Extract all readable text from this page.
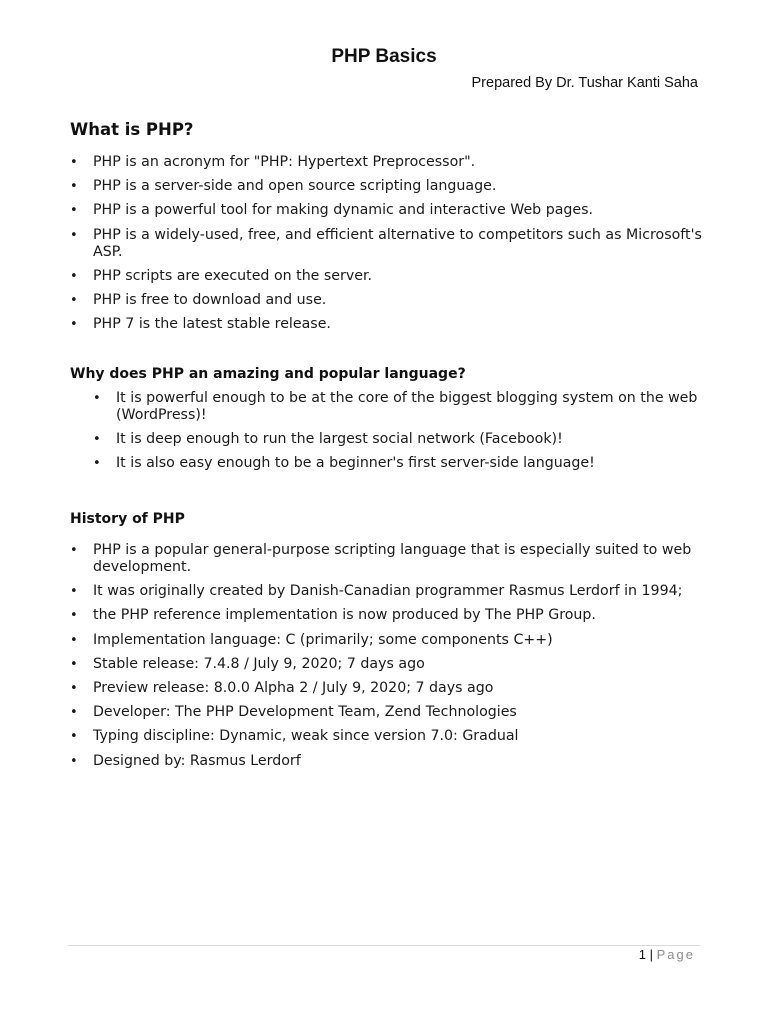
PHP Basics
Prepared By Dr. Tushar Kanti Saha
What is PHP?
• PHP is an acronym for "PHP: Hypertext Preprocessor".
• PHP is a server-side and open source scripting language.
• PHP is a powerful tool for making dynamic and interactive Web pages.
• PHP is a widely-used, free, and efficient alternative to competitors such as Microsoft's ASP.
• PHP scripts are executed on the server.
• PHP is free to download and use.
• PHP 7 is the latest stable release.
Why does PHP an amazing and popular language?
• It is powerful enough to be at the core of the biggest blogging system on the web (WordPress)!
• It is deep enough to run the largest social network (Facebook)!
• It is also easy enough to be a beginner's first server-side language!
History of PHP
• PHP is a popular general-purpose scripting language that is especially suited to web development.
• It was originally created by Danish-Canadian programmer Rasmus Lerdorf in 1994;
• the PHP reference implementation is now produced by The PHP Group.
• Implementation language: C (primarily; some components C++)
• Stable release: 7.4.8 / July 9, 2020; 7 days ago
• Preview release: 8.0.0 Alpha 2 / July 9, 2020; 7 days ago
• Developer: The PHP Development Team, Zend Technologies
• Typing discipline: Dynamic, weak since version 7.0: Gradual
• Designed by: Rasmus Lerdorf
1 | Page
